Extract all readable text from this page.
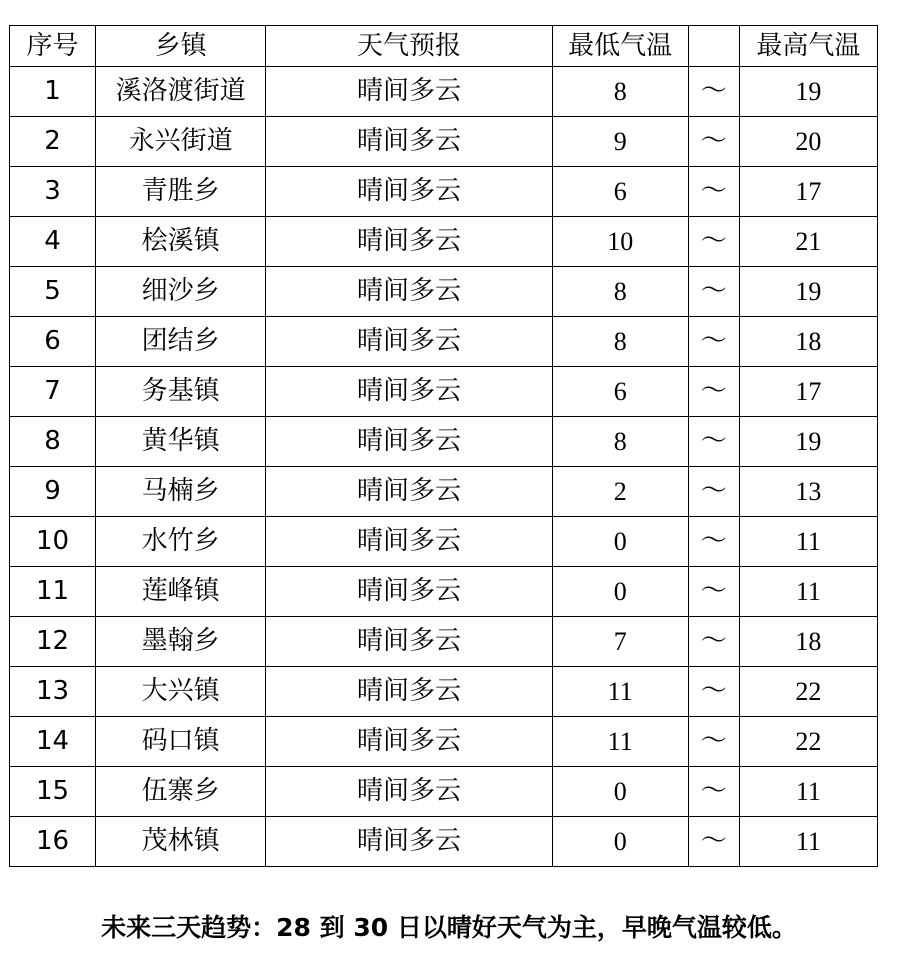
序号	乡镇	天气预报	最低气温		最高气温
1	溪洛渡街道	晴间多云	8	～	19
2	永兴街道	晴间多云	9	～	20
3	青胜乡	晴间多云	6	～	17
4	桧溪镇	晴间多云	10	～	21
5	细沙乡	晴间多云	8	～	19
6	团结乡	晴间多云	8	～	18
7	务基镇	晴间多云	6	～	17
8	黄华镇	晴间多云	8	～	19
9	马楠乡	晴间多云	2	～	13
10	水竹乡	晴间多云	0	～	11
11	莲峰镇	晴间多云	0	～	11
12	墨翰乡	晴间多云	7	～	18
13	大兴镇	晴间多云	11	～	22
14	码口镇	晴间多云	11	～	22
15	伍寨乡	晴间多云	0	～	11
16	茂林镇	晴间多云	0	～	11

未来三天趋势：28 到 30 日以晴好天气为主，早晚气温较低。
